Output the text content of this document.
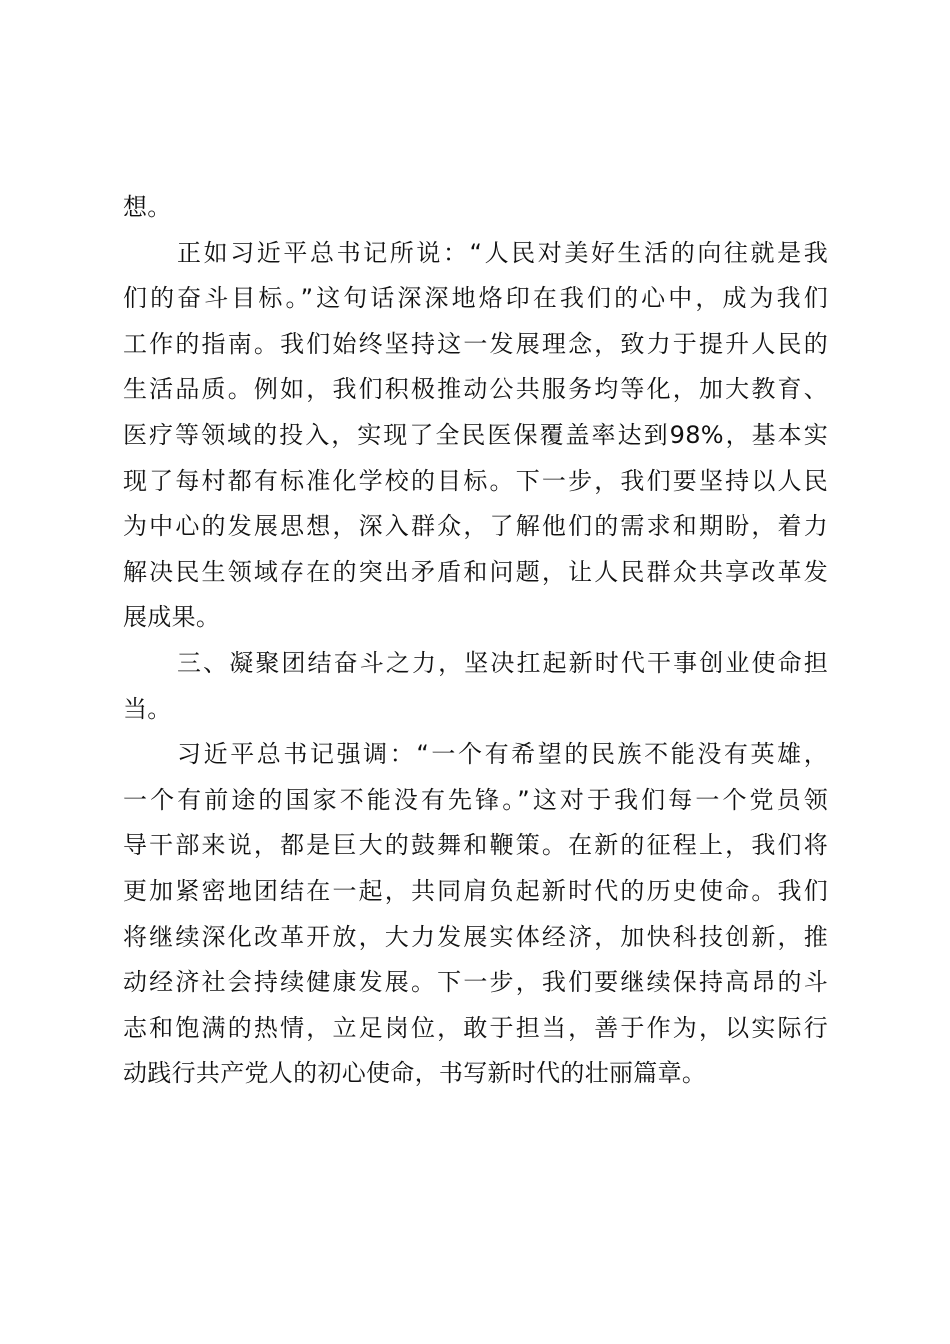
想。
正如习近平总书记所说：“人民对美好生活的向往就是我
们的奋斗目标。”这句话深深地烙印在我们的心中，成为我们
工作的指南。我们始终坚持这一发展理念，致力于提升人民的
生活品质。例如，我们积极推动公共服务均等化，加大教育、
医疗等领域的投入，实现了全民医保覆盖率达到98%，基本实
现了每村都有标准化学校的目标。下一步，我们要坚持以人民
为中心的发展思想，深入群众，了解他们的需求和期盼，着力
解决民生领域存在的突出矛盾和问题，让人民群众共享改革发
展成果。
三、凝聚团结奋斗之力，坚决扛起新时代干事创业使命担
当。
习近平总书记强调：“一个有希望的民族不能没有英雄，
一个有前途的国家不能没有先锋。”这对于我们每一个党员领
导干部来说，都是巨大的鼓舞和鞭策。在新的征程上，我们将
更加紧密地团结在一起，共同肩负起新时代的历史使命。我们
将继续深化改革开放，大力发展实体经济，加快科技创新，推
动经济社会持续健康发展。下一步，我们要继续保持高昂的斗
志和饱满的热情，立足岗位，敢于担当，善于作为，以实际行
动践行共产党人的初心使命，书写新时代的壮丽篇章。
